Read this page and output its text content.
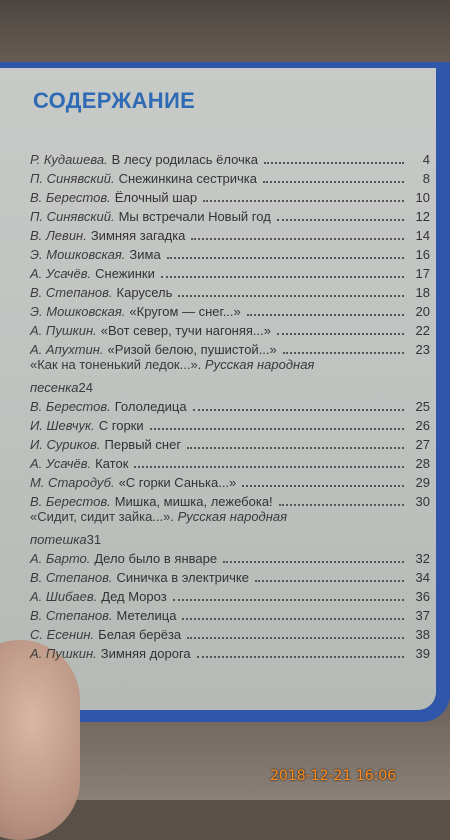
СОДЕРЖАНИЕ
Р. Кудашева. В лесу родилась ёлочка	4
П. Синявский. Снежинкина сестричка	8
В. Берестов. Ёлочный шар	10
П. Синявский. Мы встречали Новый год	12
В. Левин. Зимняя загадка	14
Э. Мошковская. Зима	16
А. Усачёв. Снежинки	17
В. Степанов. Карусель	18
Э. Мошковская. «Кругом — снег...»	20
А. Пушкин. «Вот север, тучи нагоняя...»	22
А. Апухтин. «Ризой белою, пушистой...»	23
«Как на тоненький ледок...». Русская народная
песенка 24
В. Берестов. Гололедица	25
И. Шевчук. С горки	26
И. Суриков. Первый снег	27
А. Усачёв. Каток	28
М. Стародуб. «С горки Санька...»	29
В. Берестов. Мишка, мишка, лежебока!	30
«Сидит, сидит зайка...». Русская народная
потешка 31
А. Барто. Дело было в январе	32
В. Степанов. Синичка в электричке	34
А. Шибаев. Дед Мороз	36
В. Степанов. Метелица	37
С. Есенин. Белая берёза	38
А. Пушкин. Зимняя дорога	39
2018-12-21 16:06
